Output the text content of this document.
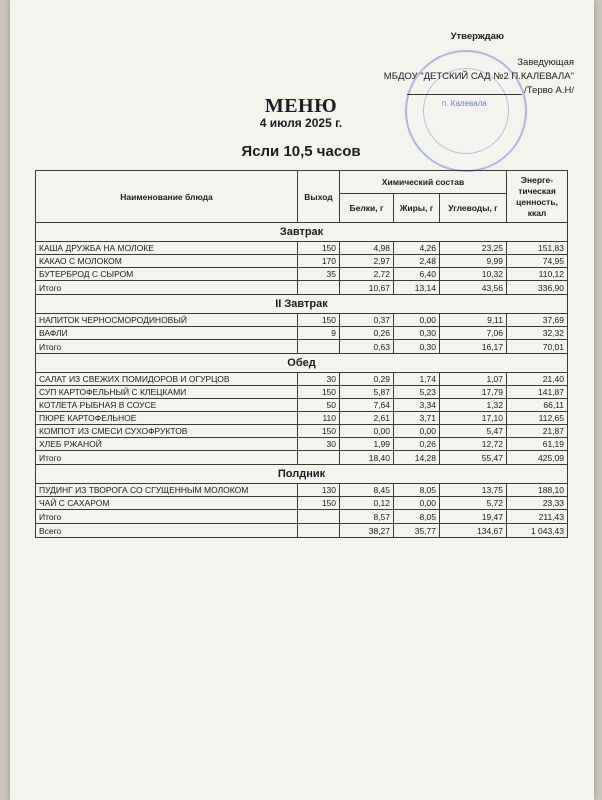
п. Калевала
Утверждаю
Заведующая
МБДОУ "ДЕТСКИЙ САД №2 П.КАЛЕВАЛА"
/Терво А.Н/
МЕНЮ
4 июля 2025 г.
Ясли 10,5 часов
Наименование блюда	Выход	Химический состав			Энерге-тическая ценность, ккал
		Белки, г	Жиры, г	Углеводы, г	
Завтрак					
КАША ДРУЖБА НА МОЛОКЕ	150	4,98	4,26	23,25	151,83
КАКАО С МОЛОКОМ	170	2,97	2,48	9,99	74,95
БУТЕРБРОД С СЫРОМ	35	2,72	6,40	10,32	110,12
Итого		10,67	13,14	43,56	336,90
II Завтрак					
НАПИТОК ЧЕРНОСМОРОДИНОВЫЙ	150	0,37	0,00	9,11	37,69
ВАФЛИ	9	0,26	0,30	7,06	32,32
Итого		0,63	0,30	16,17	70,01
Обед					
САЛАТ ИЗ СВЕЖИХ ПОМИДОРОВ И ОГУРЦОВ	30	0,29	1,74	1,07	21,40
СУП КАРТОФЕЛЬНЫЙ С КЛЕЦКАМИ	150	5,87	5,23	17,79	141,87
КОТЛЕТА РЫБНАЯ В СОУСЕ	50	7,64	3,34	1,32	66,11
ПЮРЕ КАРТОФЕЛЬНОЕ	110	2,61	3,71	17,10	112,65
КОМПОТ ИЗ СМЕСИ СУХОФРУКТОВ	150	0,00	0,00	5,47	21,87
ХЛЕБ РЖАНОЙ	30	1,99	0,26	12,72	61,19
Итого		18,40	14,28	55,47	425,09
Полдник					
ПУДИНГ ИЗ ТВОРОГА СО СГУЩЕННЫМ МОЛОКОМ	130	8,45	8,05	13,75	188,10
ЧАЙ С САХАРОМ	150	0,12	0,00	5,72	23,33
Итого		8,57	8,05	19,47	211,43
Всего		38,27	35,77	134,67	1 043,43
